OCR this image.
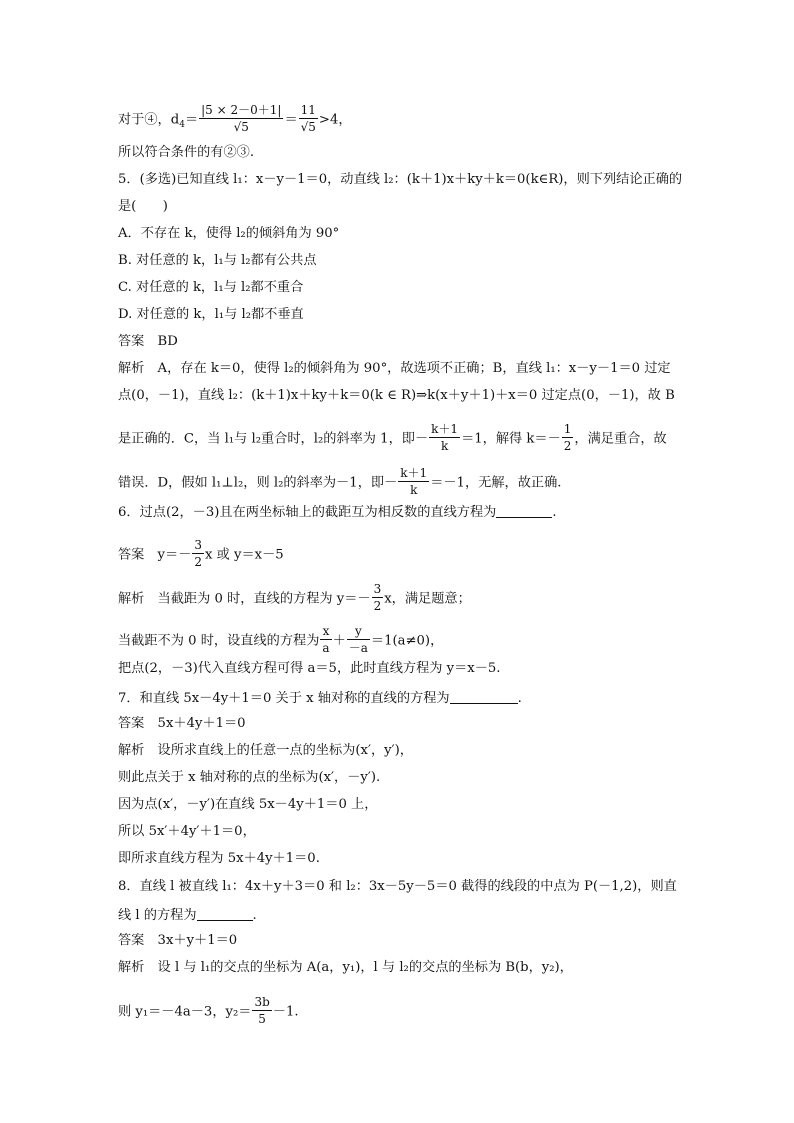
对于④，$d_4= \frac{|5 \times 2-0+1|}{√5} = \frac{11}{√5} >4$，
所以符合条件的有②③.
5．(多选)已知直线 l₁：x－y－1＝0，动直线 l₂：(k＋1)x＋ky＋k＝0(k∈R)，则下列结论正确的
是(　　)
A．不存在 k，使得 l₂的倾斜角为 90°
B. 对任意的 k，l₁与 l₂都有公共点
C. 对任意的 k，l₁与 l₂都不重合
D. 对任意的 k，l₁与 l₂都不垂直
答案　BD
解析　A，存在 k＝0，使得 l₂的倾斜角为 90°，故选项不正确；B，直线 l₁：x－y－1＝0 过定
点(0，－1)，直线 l₂：(k＋1)x＋ky＋k＝0(k ∈ R)⇒k(x＋y＋1)＋x＝0 过定点(0，－1)，故 B
是正确的．C，当 l₁与 l₂重合时，l₂的斜率为 1，即－ $\frac{k+1}{k} =1$，解得 $k=- \frac{1}{2}$ ，满足重合，故
错误．D，假如 l₁⊥l₂，则 l₂的斜率为－1，即－ $\frac{k+1}{k} =-1$，无解，故正确.
6．过点(2，－3)且在两坐标轴上的截距互为相反数的直线方程为	.
答案　$y=- \frac{3}{2}$ x 或 y＝x－5
解析　当截距为 0 时，直线的方程为 $y=- \frac{3}{2}$ x，满足题意；
当截距不为 0 时，设直线的方程为 $\frac{x}{a} + \frac{y}{-a} =1(a\ne 0)$，
把点(2，－3)代入直线方程可得 a＝5，此时直线方程为 y＝x－5.
7．和直线 5x－4y＋1＝0 关于 x 轴对称的直线的方程为	.
答案　5x＋4y＋1＝0
解析　设所求直线上的任意一点的坐标为(x′，y′)，
则此点关于 x 轴对称的点的坐标为(x′，－y′).
因为点(x′，－y′)在直线 5x－4y＋1＝0 上，
所以 5x′＋4y′＋1＝0，
即所求直线方程为 5x＋4y＋1＝0.
8．直线 l 被直线 l₁：4x＋y＋3＝0 和 l₂：3x－5y－5＝0 截得的线段的中点为 P(－1,2)，则直
线 l 的方程为	.
答案　3x＋y＋1＝0
解析　设 l 与 l₁的交点的坐标为 A(a，y₁)，l 与 l₂的交点的坐标为 B(b，y₂)，
则 y₁＝－4a－3，$y_2= \frac{3b}{5} -1$.
